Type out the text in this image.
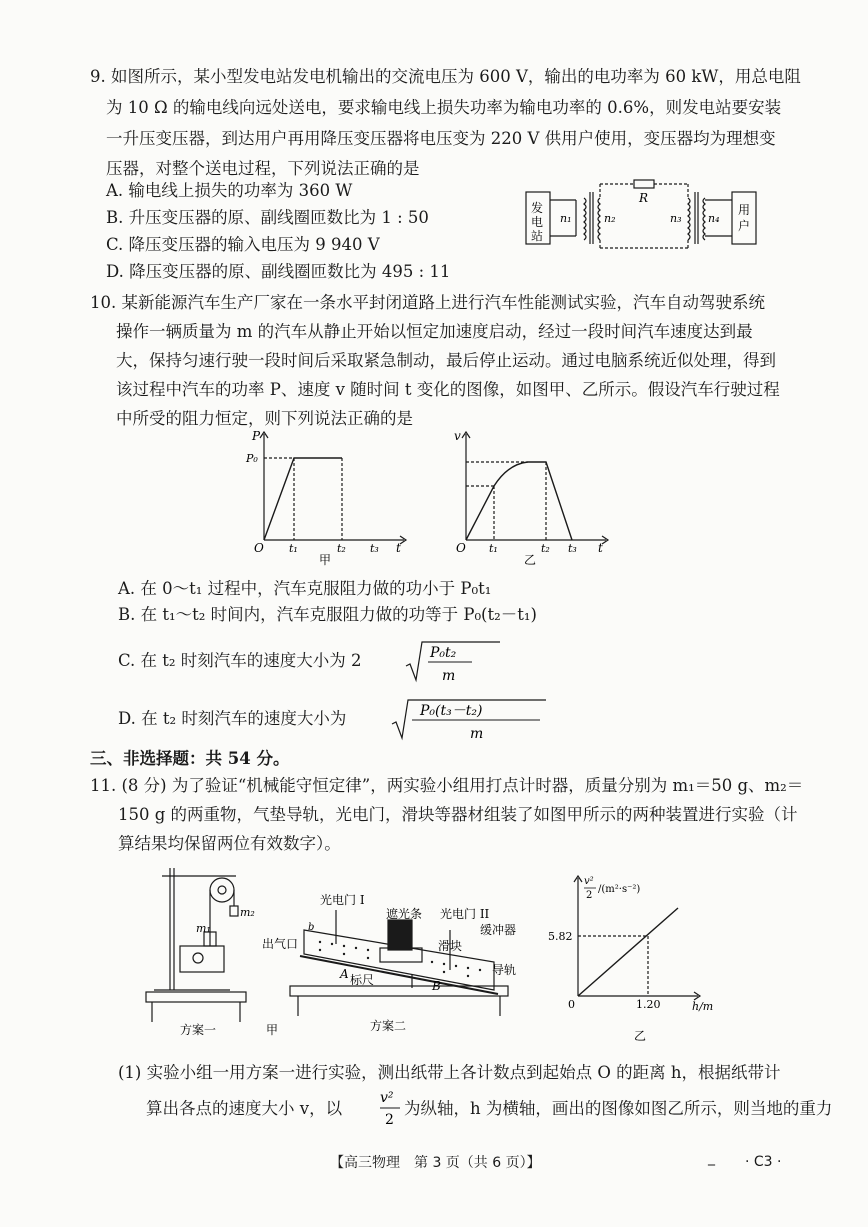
9. 如图所示，某小型发电站发电机输出的交流电压为 600 V，输出的电功率为 60 kW，用总电阻
为 10 Ω 的输电线向远处送电，要求输电线上损失功率为输电功率的 0.6%，则发电站要安装
一升压变压器，到达用户再用降压变压器将电压变为 220 V 供用户使用，变压器均为理想变
压器，对整个送电过程，下列说法正确的是
A. 输电线上损失的功率为 360 W
B. 升压变压器的原、副线圈匝数比为 1 : 50
C. 降压变压器的输入电压为 9 940 V
D. 降压变压器的原、副线圈匝数比为 495 : 11
发
电
站
用
户
n₁	n₂	n₃ n₄
R
10. 某新能源汽车生产厂家在一条水平封闭道路上进行汽车性能测试实验，汽车自动驾驶系统
操作一辆质量为 m 的汽车从静止开始以恒定加速度启动，经过一段时间汽车速度达到最
大，保持匀速行驶一段时间后采取紧急制动，最后停止运动。通过电脑系统近似处理，得到
该过程中汽车的功率 P、速度 v 随时间 t 变化的图像，如图甲、乙所示。假设汽车行驶过程
中所受的阻力恒定，则下列说法正确的是
P
P₀
O t₁	t₂ t₃ t
甲
v
O t₁	t₂ t₃ t
乙
A. 在 0～t₁ 过程中，汽车克服阻力做的功小于 P₀t₁
B. 在 t₁～t₂ 时间内，汽车克服阻力做的功等于 P₀(t₂－t₁)
C. 在 t₂ 时刻汽车的速度大小为 2	P₀t₂
m
D. 在 t₂ 时刻汽车的速度大小为	P₀(t₃－t₂)
m
三、非选择题：共 54 分。
11. (8 分) 为了验证“机械能守恒定律”，两实验小组用打点计时器，质量分别为 m₁＝50 g、m₂＝
150 g 的两重物，气垫导轨，光电门，滑块等器材组装了如图甲所示的两种装置进行实验（计
算结果均保留两位有效数字）。
m₁
m₂
方案一
光电门 I
遮光条 光电门 II
滑块
缓冲器
出气口
导轨
A 标尺	B
b
甲	方案二
v²
2
/(m²·s⁻²)
5.82
0	1.20	h/m
乙
(1) 实验小组一用方案一进行实验，测出纸带上各计数点到起始点 O 的距离 h，根据纸带计
算出各点的速度大小 v，以
v²
2
为纵轴，h 为横轴，画出的图像如图乙所示，则当地的重力
【高三物理　第 3 页（共 6 页）】	_ · C3 ·
